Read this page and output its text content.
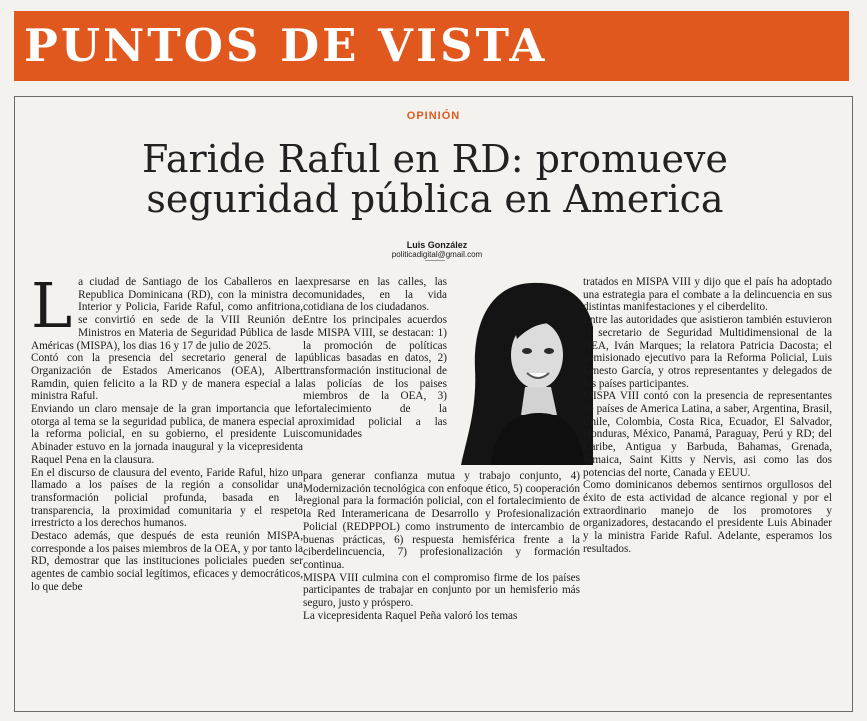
PUNTOS DE VISTA
OPINIÓN
Faride Raful en RD: promueve
seguridad pública en America
Luis González
politicadigital@gmail.com

La ciudad de Santiago de los Caballeros en la Republica Dominicana (RD), con la ministra de Interior y Policia, Faride Raful, como anfitriona, se convirtió en sede de la VIII Reunión de Ministros en Materia de Seguridad Pública de las Américas (MISPA), los dias 16 y 17 de julio de 2025.

Contó con la presencia del secretario general de la Organización de Estados Americanos (OEA), Albert Ramdin, quien felicito a la RD y de manera especial a la ministra Raful.

Enviando un claro mensaje de la gran importancia que le otorga al tema se la seguridad publica, de manera especial a la reforma policial, en su gobierno, el presidente Luis Abinader estuvo en la jornada inaugural y la vicepresidenta Raquel Pena en la clausura.

En el discurso de clausura del evento, Faride Raful, hizo un llamado a los países de la región a consolidar una transformación policial profunda, basada en la transparencia, la proximidad comunitaria y el respeto irrestricto a los derechos humanos.

Destaco además, que después de esta reunión MISPA, corresponde a los paises miembros de la OEA, y por tanto la RD, demostrar que las instituciones policiales pueden ser agentes de cambio social legítimos, eficaces y democráticos, lo que debe

expresarse en las calles, las comunidades, en la vida cotidiana de los ciudadanos.

Entre los principales acuerdos de MISPA VIII, se destacan: 1) la promoción de políticas públicas basadas en datos, 2) transformación institucional de las policías de los paises miembros de la OEA, 3) fortalecimiento de la proximidad policial a las comunidades

para generar confianza mutua y trabajo conjunto, 4) Modernización tecnológica con enfoque ético, 5) cooperación regional para la formación policial, con el fortalecimiento de la Red Interamericana de Desarrollo y Profesionalización Policial (REDPPOL) como instrumento de intercambio de buenas prácticas, 6) respuesta hemisférica frente a la ciberdelincuencia, 7) profesionalización y formación continua.

MISPA VIII culmina con el compromiso firme de los países participantes de trabajar en conjunto por un hemisferio más seguro, justo y próspero.

La vicepresidenta Raquel Peña valoró los temas

tratados en MISPA VIII y dijo que el país ha adoptado una estrategia para el combate a la delincuencia en sus distintas manifestaciones y el ciberdelito.

Entre las autoridades que asistieron también estuvieron el secretario de Seguridad Multidimensional de la OEA, Iván Marques; la relatora Patricia Dacosta; el comisionado ejecutivo para la Reforma Policial, Luis Ernesto García, y otros representantes y delegados de los países participantes.

MISPA VIII contó con la presencia de representantes de países de America Latina, a saber, Argentina, Brasil, Chile, Colombia, Costa Rica, Ecuador, El Salvador, Honduras, México, Panamá, Paraguay, Perú y RD; del Caribe, Antigua y Barbuda, Bahamas, Grenada, Jamaica, Saint Kitts y Nervis, asi como las dos potencias del norte, Canada y EEUU.

Como dominicanos debemos sentirnos orgullosos del éxito de esta actividad de alcance regional y por el extraordinario manejo de los promotores y organizadores, destacando el presidente Luis Abinader y la ministra Faride Raful. Adelante, esperamos los resultados.
